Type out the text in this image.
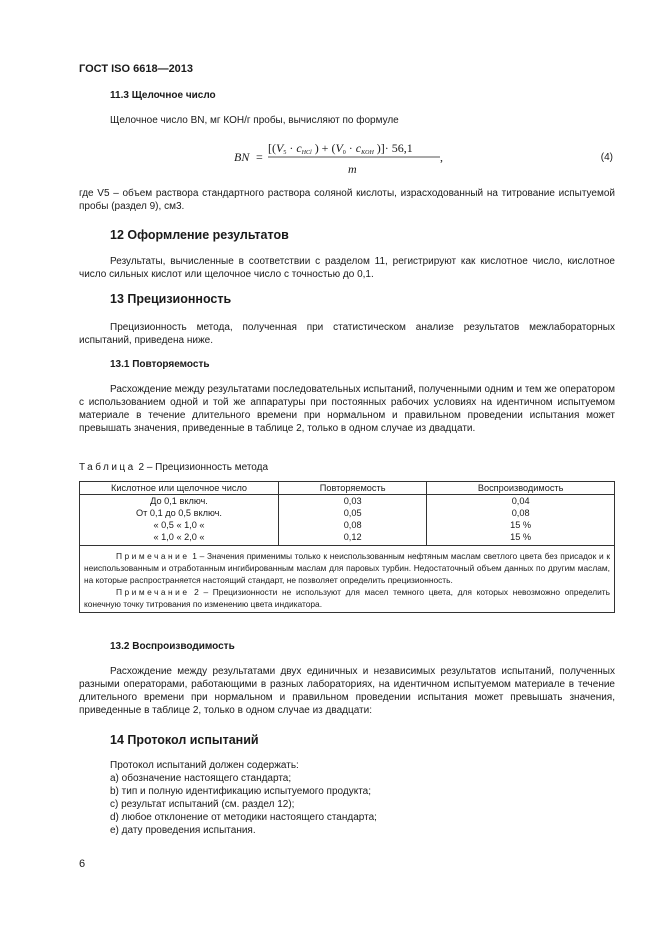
ГОСТ ISO 6618—2013
11.3 Щелочное число
Щелочное число BN, мг КОН/г пробы, вычисляют по формуле
BN =
[(V5 · cHCl ) + (V0 · cKOH )]· 56,1
m
,	(4)
где V5 – объем раствора стандартного раствора соляной кислоты, израсходованный на титрование испытуемой пробы (раздел 9), см3.
12 Оформление результатов
Результаты, вычисленные в соответствии с разделом 11, регистрируют как кислотное число, кислотное число сильных кислот или щелочное число с точностью до 0,1.
13 Прецизионность
Прецизионность метода, полученная при статистическом анализе результатов межлабораторных испытаний, приведена ниже.
13.1 Повторяемость
Расхождение между результатами последовательных испытаний, полученными одним и тем же оператором с использованием одной и той же аппаратуры при постоянных рабочих условиях на идентичном испытуемом материале в течение длительного времени при нормальном и правильном проведении испытания может превышать значения, приведенные в таблице 2, только в одном случае из двадцати.
Таблица 2 – Прецизионность метода
Кислотное или щелочное число	Повторяемость	Воспроизводимость
До 0,1 включ.	0,03	0,04
От 0,1 до 0,5 включ.	0,05	0,08
« 0,5 « 1,0 «	0,08	15 %
« 1,0 « 2,0 «	0,12	15 %

Примечание 1 – Значения применимы только к неиспользованным нефтяным маслам светлого цвета без присадок и к неиспользованным и отработанным ингибированным маслам для паровых турбин. Недостаточный объем данных по другим маслам, на которые распространяется настоящий стандарт, не позволяет определить прецизионность.
Примечание 2 – Прецизионности не используют для масел темного цвета, для которых невозможно определить конечную точку титрования по изменению цвета индикатора.		
13.2 Воспроизводимость
Расхождение между результатами двух единичных и независимых результатов испытаний, полученных разными операторами, работающими в разных лабораториях, на идентичном испытуемом материале в течение длительного времени при нормальном и правильном проведении испытания может превышать значения, приведенные в таблице 2, только в одном случае из двадцати:
14 Протокол испытаний
Протокол испытаний должен содержать:
а) обозначение настоящего стандарта;
b) тип и полную идентификацию испытуемого продукта;
с) результат испытаний (см. раздел 12);
d) любое отклонение от методики настоящего стандарта;
е) дату проведения испытания.
6
